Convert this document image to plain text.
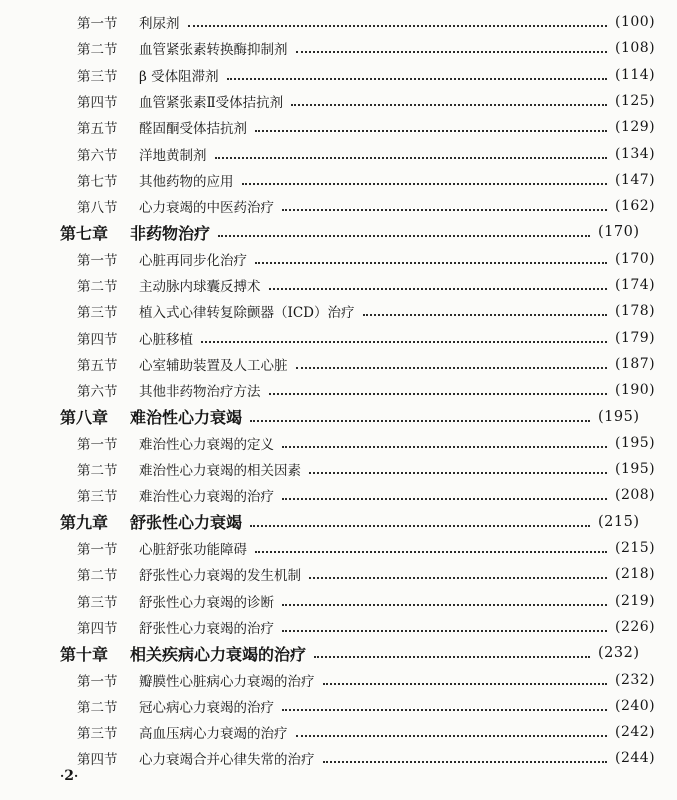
第一节	利尿剂	(100)
第二节	血管紧张素转换酶抑制剂	(108)
第三节	β 受体阻滞剂	(114)
第四节	血管紧张素Ⅱ受体拮抗剂	(125)
第五节	醛固酮受体拮抗剂	(129)
第六节	洋地黄制剂	(134)
第七节	其他药物的应用	(147)
第八节	心力衰竭的中医药治疗	(162)
第七章	非药物治疗	(170)
第一节	心脏再同步化治疗	(170)
第二节	主动脉内球囊反搏术	(174)
第三节	植入式心律转复除颤器（ICD）治疗	(178)
第四节	心脏移植	(179)
第五节	心室辅助装置及人工心脏	(187)
第六节	其他非药物治疗方法	(190)
第八章	难治性心力衰竭	(195)
第一节	难治性心力衰竭的定义	(195)
第二节	难治性心力衰竭的相关因素	(195)
第三节	难治性心力衰竭的治疗	(208)
第九章	舒张性心力衰竭	(215)
第一节	心脏舒张功能障碍	(215)
第二节	舒张性心力衰竭的发生机制	(218)
第三节	舒张性心力衰竭的诊断	(219)
第四节	舒张性心力衰竭的治疗	(226)
第十章	相关疾病心力衰竭的治疗	(232)
第一节	瓣膜性心脏病心力衰竭的治疗	(232)
第二节	冠心病心力衰竭的治疗	(240)
第三节	高血压病心力衰竭的治疗	(242)
第四节	心力衰竭合并心律失常的治疗	(244)
·2·
